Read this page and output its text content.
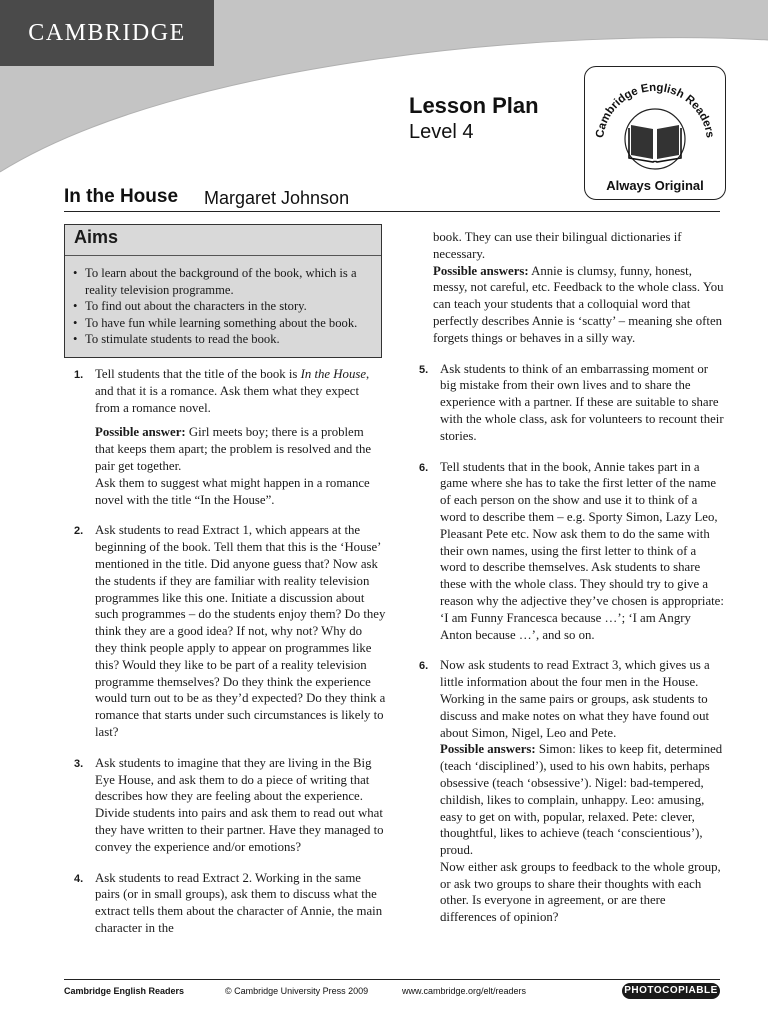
CAMBRIDGE
Lesson Plan
Level 4	Cambridge English Readers
Always Original
In the House Margaret Johnson
Aims
• To learn about the background of the book, which is a reality television programme.
• To find out about the characters in the story.
• To have fun while learning something about the book.
• To stimulate students to read the book.
1. Tell students that the title of the book is In the House, and that it is a romance. Ask them what they expect from a romance novel.

Possible answer: Girl meets boy; there is a problem that keeps them apart; the problem is resolved and the pair get together.

Ask them to suggest what might happen in a romance novel with the title “In the House”.

2. Ask students to read Extract 1, which appears at the beginning of the book. Tell them that this is the ‘House’ mentioned in the title. Did anyone guess that? Now ask the students if they are familiar with reality television programmes like this one. Initiate a discussion about such programmes – do the students enjoy them? Do they think they are a good idea? If not, why not? Why do they think people apply to appear on programmes like this? Would they like to be part of a reality television programme themselves? Do they think the experience would turn out to be as they’d expected? Do they think a romance that starts under such circumstances is likely to last?

3. Ask students to imagine that they are living in the Big Eye House, and ask them to do a piece of writing that describes how they are feeling about the experience. Divide students into pairs and ask them to read out what they have written to their partner. Have they managed to convey the experience and/or emotions?

4. Ask students to read Extract 2. Working in the same pairs (or in small groups), ask them to discuss what the extract tells them about the character of Annie, the main character in the

book. They can use their bilingual dictionaries if necessary.

Possible answers: Annie is clumsy, funny, honest, messy, not careful, etc. Feedback to the whole class. You can teach your students that a colloquial word that perfectly describes Annie is ‘scatty’ – meaning she often forgets things or behaves in a silly way.

5. Ask students to think of an embarrassing moment or big mistake from their own lives and to share the experience with a partner. If these are suitable to share with the whole class, ask for volunteers to recount their stories.

6. Tell students that in the book, Annie takes part in a game where she has to take the first letter of the name of each person on the show and use it to think of a word to describe them – e.g. Sporty Simon, Lazy Leo, Pleasant Pete etc. Now ask them to do the same with their own names, using the first letter to think of a word to describe themselves. Ask students to share these with the whole class. They should try to give a reason why the adjective they’ve chosen is appropriate: ‘I am Funny Francesca because …’; ‘I am Angry Anton because …’, and so on.

6. Now ask students to read Extract 3, which gives us a little information about the four men in the House. Working in the same pairs or groups, ask students to discuss and make notes on what they have found out about Simon, Nigel, Leo and Pete.

Possible answers: Simon: likes to keep fit, determined (teach ‘disciplined’), used to his own habits, perhaps obsessive (teach ‘obsessive’). Nigel: bad-tempered, childish, likes to complain, unhappy. Leo: amusing, easy to get on with, popular, relaxed. Pete: clever, thoughtful, likes to achieve (teach ‘conscientious’), proud.

Now either ask groups to feedback to the whole group, or ask two groups to share their thoughts with each other. Is everyone in agreement, or are there differences of opinion?

Cambridge English Readers	© Cambridge University Press 2009	www.cambridge.org/elt/readers	PHOTOCOPIABLE
